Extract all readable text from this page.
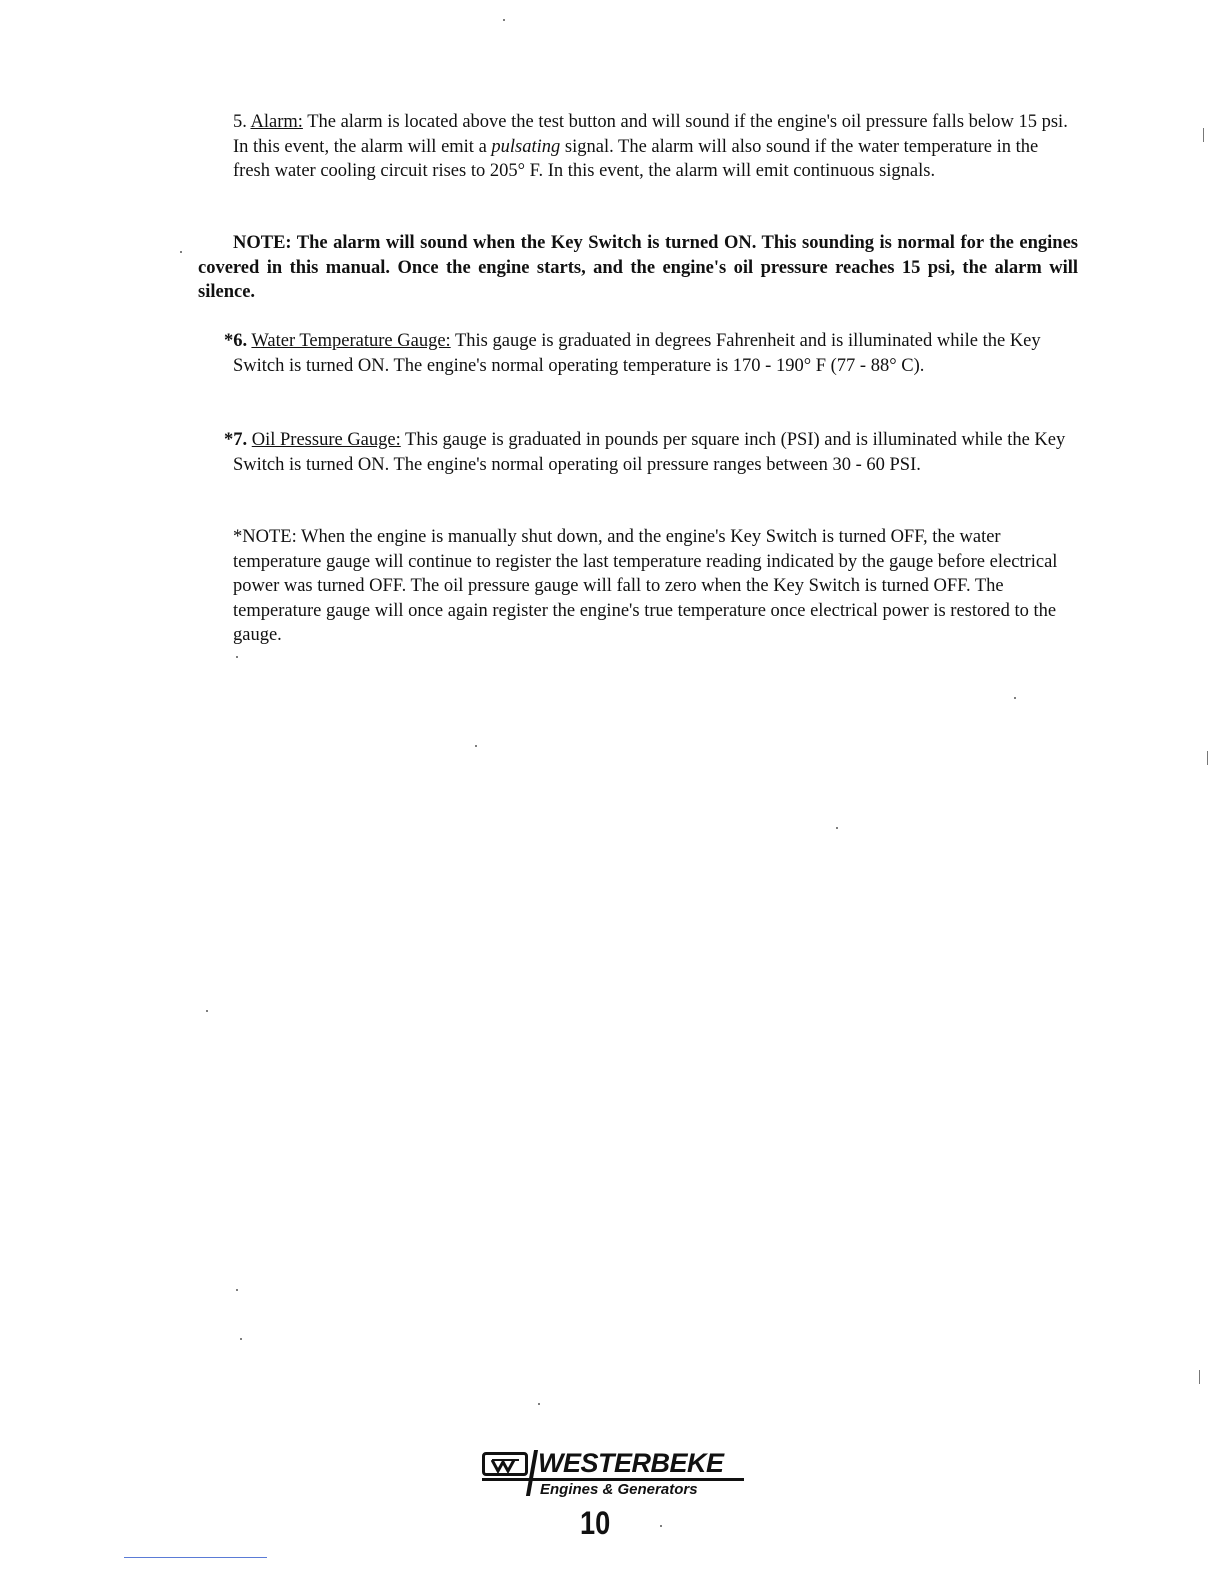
5. Alarm: The alarm is located above the test button and will sound if the engine's oil pressure falls below 15 psi. In this event, the alarm will emit a pulsating signal. The alarm will also sound if the water temperature in the fresh water cooling circuit rises to 205° F. In this event, the alarm will emit continuous signals.
NOTE: The alarm will sound when the Key Switch is turned ON. This sounding is normal for the engines covered in this manual. Once the engine starts, and the engine's oil pressure reaches 15 psi, the alarm will silence.
*6. Water Temperature Gauge: This gauge is graduated in degrees Fahrenheit and is illuminated while the Key Switch is turned ON. The engine's normal operating temperature is 170 - 190° F (77 - 88° C).
*7. Oil Pressure Gauge: This gauge is graduated in pounds per square inch (PSI) and is illuminated while the Key Switch is turned ON. The engine's normal operating oil pressure ranges between 30 - 60 PSI.
*NOTE: When the engine is manually shut down, and the engine's Key Switch is turned OFF, the water temperature gauge will continue to register the last temperature reading indicated by the gauge before electrical power was turned OFF. The oil pressure gauge will fall to zero when the Key Switch is turned OFF. The temperature gauge will once again register the engine's true temperature once electrical power is restored to the gauge.
WESTERBEKE
Engines & Generators
10
